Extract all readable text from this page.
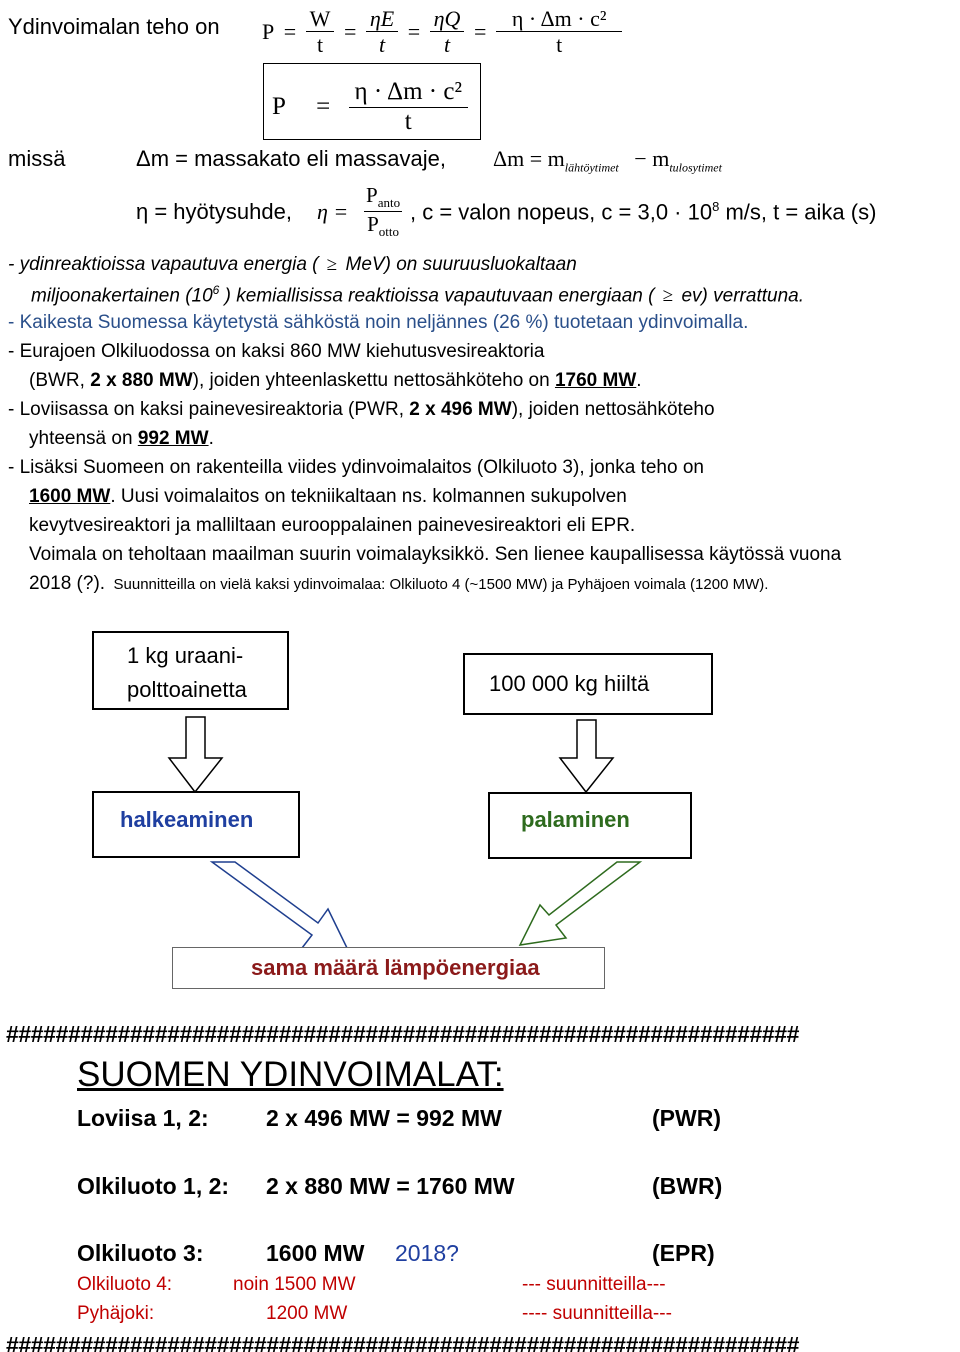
Ydinvoimalan teho on $P = \frac{W}{t} = \frac{\eta E}{t} = \frac{\eta Q}{t} = \frac{\text{η · Δm · c²}}{t}$
$P = \frac{\text{η · Δm · c²}}{t}$
missä	Δm = massakato eli massavaje, $\Delta m = m_{lähtöytimet} - m_{tulosytimet}$
η = hyötysuhde, $\eta = \frac{P_{anto}}{P_{otto}}$ , c = valon nopeus, $c = 3,0 \cdot 10^8$ m/s, t = aika (s)
- ydinreaktioissa vapautuva energia ( ≥ MeV) on suuruusluokaltaan
miljoonakertainen ($10^6$ ) kemiallisissa reaktioissa vapautuvaan energiaan ( ≥ ev) verrattuna.
- Kaikesta Suomessa käytetystä sähköstä noin neljännes (26 %) tuotetaan ydinvoimalla.
- Eurajoen Olkiluodossa on kaksi 860 MW kiehutusvesireaktoria
(BWR, 2 x 880 MW), joiden yhteenlaskettu nettosähköteho on 1760 MW.
- Loviisassa on kaksi painevesireaktoria (PWR, 2 x 496 MW), joiden nettosähköteho
yhteensä on 992 MW.
- Lisäksi Suomeen on rakenteilla viides ydinvoimalaitos (Olkiluoto 3), jonka teho on
1600 MW. Uusi voimalaitos on tekniikaltaan ns. kolmannen sukupolven
kevytvesireaktori ja malliltaan eurooppalainen painevesireaktori eli EPR.
Voimala on teholtaan maailman suurin voimalayksikkö. Sen lienee kaupallisessa käytössä vuona
2018 (?). Suunnitteilla on vielä kaksi ydinvoimalaa: Olkiluoto 4 (~1500 MW) ja Pyhäjoen voimala (1200 MW).
1 kg uraani-
polttoainetta	100 000 kg hiiltä
halkeaminen	palaminen
sama määrä lämpöenergiaa
################################################################
SUOMEN YDINVOIMALAT:
Loviisa 1, 2: 2 x 496 MW = 992 MW	(PWR)
Olkiluoto 1, 2: 2 x 880 MW = 1760 MW	(BWR)
Olkiluoto 3:	1600 MW 2018?	(EPR)
Olkiluoto 4:	noin 1500 MW	--- suunnitteilla---
Pyhäjoki:	1200 MW	---- suunnitteilla---
################################################################
